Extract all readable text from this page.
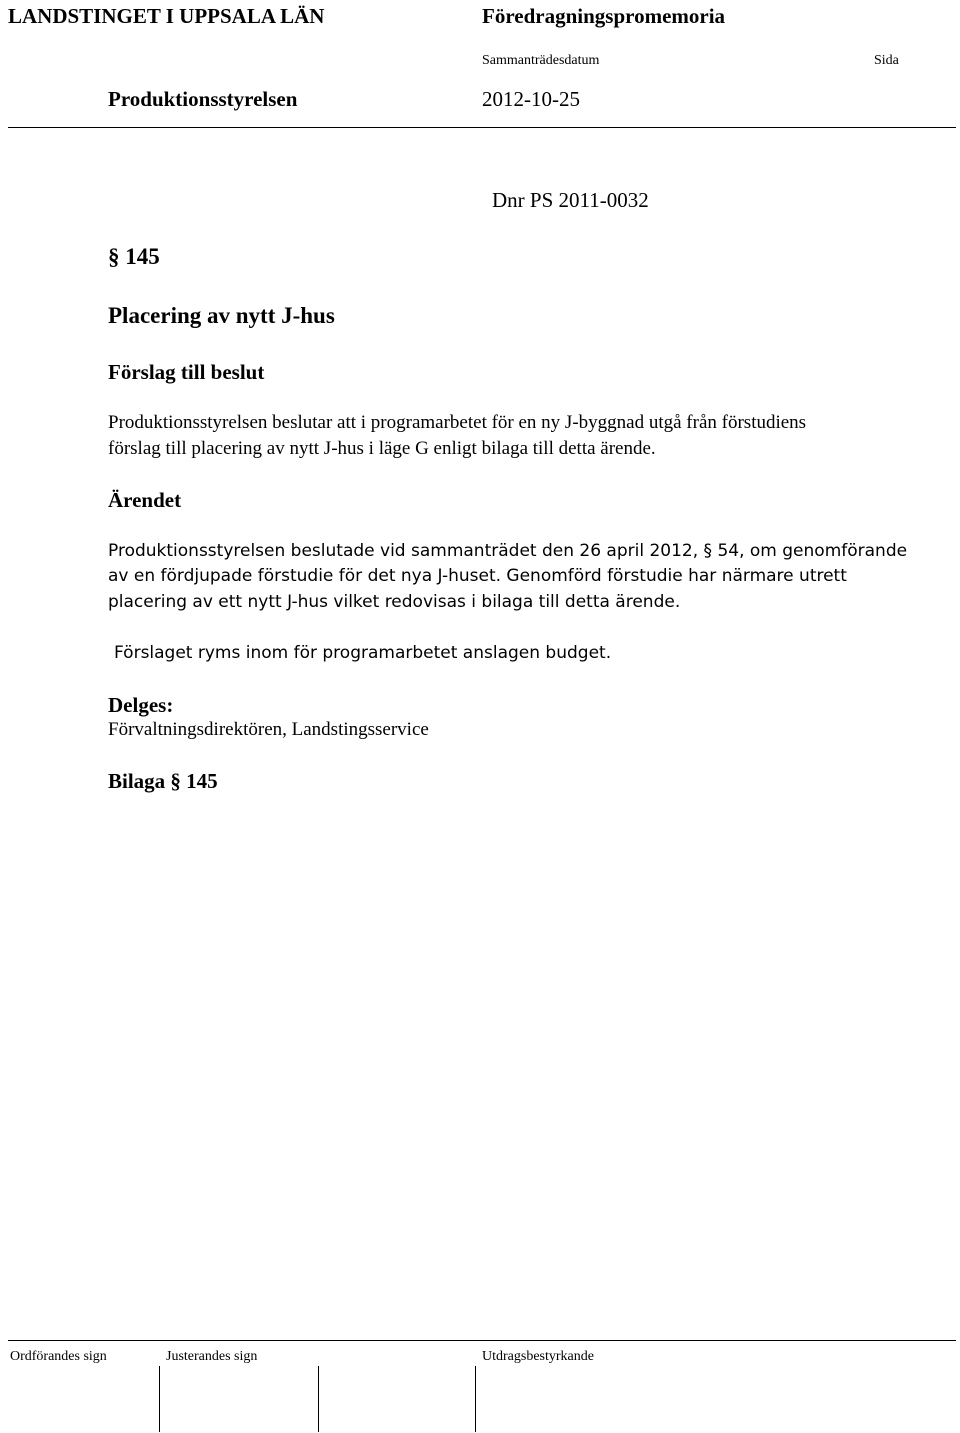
LANDSTINGET I UPPSALA LÄN	Föredragningspromemoria
Sammanträdesdatum	Sida
Produktionsstyrelsen	2012-10-25
Dnr PS 2011-0032
§ 145
Placering av nytt J-hus
Förslag till beslut
Produktionsstyrelsen beslutar att i programarbetet för en ny J-byggnad utgå från förstudiens
förslag till placering av nytt J-hus i läge G enligt bilaga till detta ärende.
Ärendet
Produktionsstyrelsen beslutade vid sammanträdet den 26 april 2012, § 54, om genomförande
av en fördjupade förstudie för det nya J-huset. Genomförd förstudie har närmare utrett
placering av ett nytt J-hus vilket redovisas i bilaga till detta ärende.
Förslaget ryms inom för programarbetet anslagen budget.
Delges:
Förvaltningsdirektören, Landstingsservice
Bilaga § 145
Ordförandes sign	Justerandes sign	Utdragsbestyrkande
